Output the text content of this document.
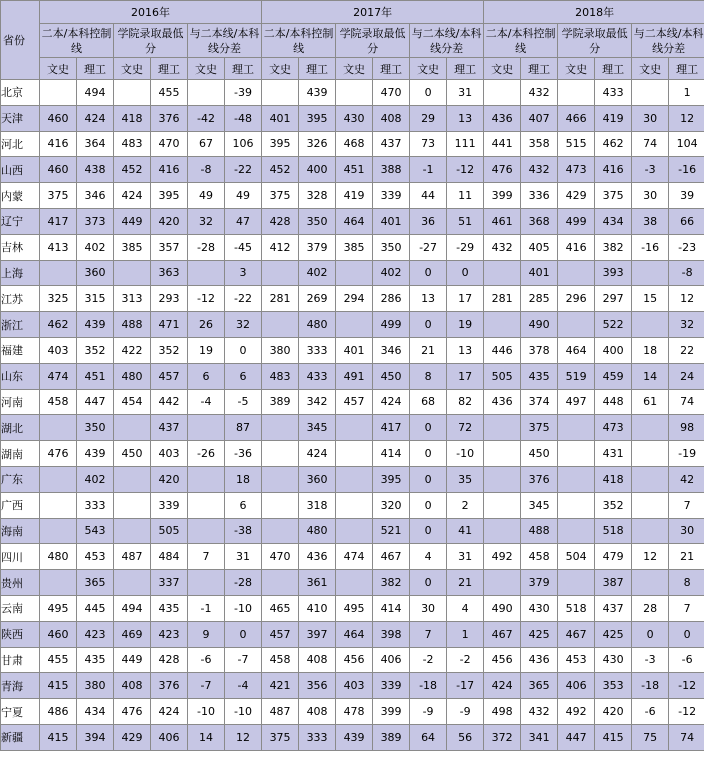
省份	2016年						2017年						2018年					
	二本/本科控制线		学院录取最低分		与二本线/本科线分差		二本/本科控制线		学院录取最低分		与二本线/本科线分差		二本/本科控制线		学院录取最低分		与二本线/本科线分差	
	文史	理工	文史	理工	文史	理工	文史	理工	文史	理工	文史	理工	文史	理工	文史	理工	文史	理工
北京		494		455		-39		439		470	0	31		432		433		1
天津	460	424	418	376	-42	-48	401	395	430	408	29	13	436	407	466	419	30	12
河北	416	364	483	470	67	106	395	326	468	437	73	111	441	358	515	462	74	104
山西	460	438	452	416	-8	-22	452	400	451	388	-1	-12	476	432	473	416	-3	-16
内蒙	375	346	424	395	49	49	375	328	419	339	44	11	399	336	429	375	30	39
辽宁	417	373	449	420	32	47	428	350	464	401	36	51	461	368	499	434	38	66
吉林	413	402	385	357	-28	-45	412	379	385	350	-27	-29	432	405	416	382	-16	-23
上海		360		363		3		402		402	0	0		401		393		-8
江苏	325	315	313	293	-12	-22	281	269	294	286	13	17	281	285	296	297	15	12
浙江	462	439	488	471	26	32		480		499	0	19		490		522		32
福建	403	352	422	352	19	0	380	333	401	346	21	13	446	378	464	400	18	22
山东	474	451	480	457	6	6	483	433	491	450	8	17	505	435	519	459	14	24
河南	458	447	454	442	-4	-5	389	342	457	424	68	82	436	374	497	448	61	74
湖北		350		437		87		345		417	0	72		375		473		98
湖南	476	439	450	403	-26	-36		424		414	0	-10		450		431		-19
广东		402		420		18		360		395	0	35		376		418		42
广西		333		339		6		318		320	0	2		345		352		7
海南		543		505		-38		480		521	0	41		488		518		30
四川	480	453	487	484	7	31	470	436	474	467	4	31	492	458	504	479	12	21
贵州		365		337		-28		361		382	0	21		379		387		8
云南	495	445	494	435	-1	-10	465	410	495	414	30	4	490	430	518	437	28	7
陕西	460	423	469	423	9	0	457	397	464	398	7	1	467	425	467	425	0	0
甘肃	455	435	449	428	-6	-7	458	408	456	406	-2	-2	456	436	453	430	-3	-6
青海	415	380	408	376	-7	-4	421	356	403	339	-18	-17	424	365	406	353	-18	-12
宁夏	486	434	476	424	-10	-10	487	408	478	399	-9	-9	498	432	492	420	-6	-12
新疆	415	394	429	406	14	12	375	333	439	389	64	56	372	341	447	415	75	74
